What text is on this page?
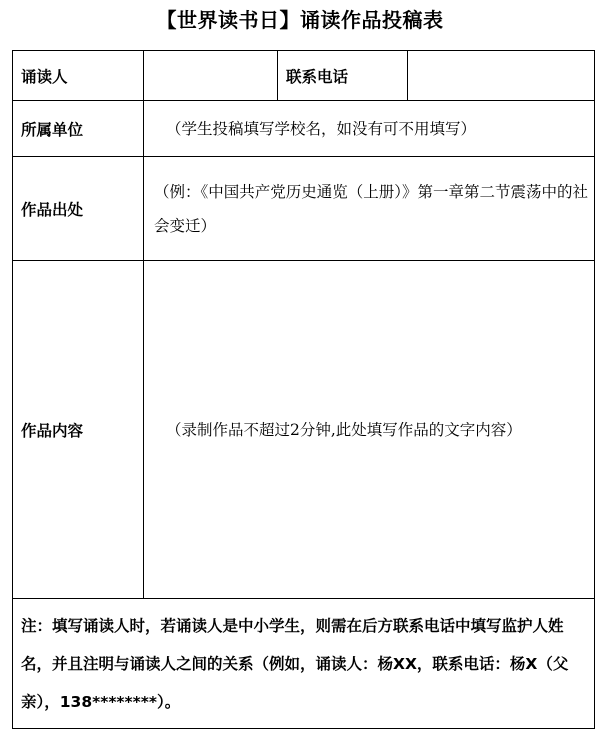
【世界读书日】诵读作品投稿表
诵读人		联系电话	
所属单位	（学生投稿填写学校名，如没有可不用填写）		
作品出处	（例：《中国共产党历史通览（上册）》第一章第二节震荡中的社会变迁）		
作品内容	（录制作品不超过2分钟,此处填写作品的文字内容）		
注：填写诵读人时，若诵读人是中小学生，则需在后方联系电话中填写监护人姓名，并且注明与诵读人之间的关系（例如，诵读人：杨XX，联系电话：杨X（父亲），138********）。			
